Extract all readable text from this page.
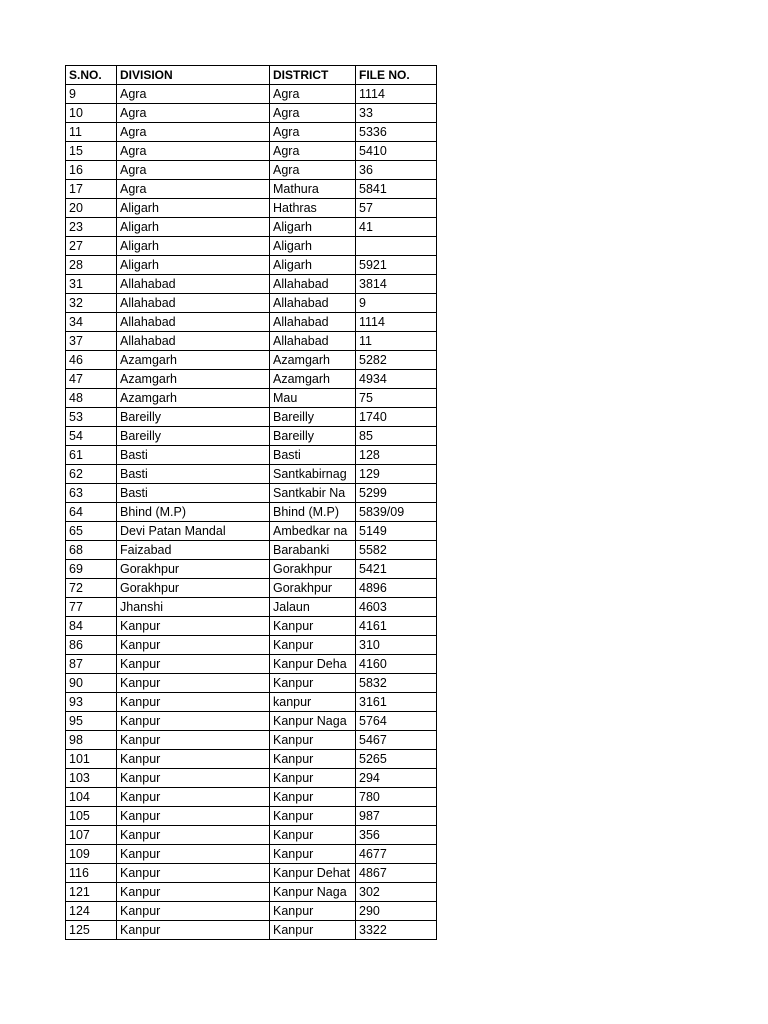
S.NO.	DIVISION	DISTRICT	FILE NO.
9	Agra	Agra	1114
10	Agra	Agra	33
11	Agra	Agra	5336
15	Agra	Agra	5410
16	Agra	Agra	36
17	Agra	Mathura	5841
20	Aligarh	Hathras	57
23	Aligarh	Aligarh	41
27	Aligarh	Aligarh	
28	Aligarh	Aligarh	5921
31	Allahabad	Allahabad	3814
32	Allahabad	Allahabad	9
34	Allahabad	Allahabad	1114
37	Allahabad	Allahabad	11
46	Azamgarh	Azamgarh	5282
47	Azamgarh	Azamgarh	4934
48	Azamgarh	Mau	75
53	Bareilly	Bareilly	1740
54	Bareilly	Bareilly	85
61	Basti	Basti	128
62	Basti	Santkabirnag	129
63	Basti	Santkabir Na	5299
64	Bhind (M.P)	Bhind (M.P)	5839/09
65	Devi Patan Mandal	Ambedkar na	5149
68	Faizabad	Barabanki	5582
69	Gorakhpur	Gorakhpur	5421
72	Gorakhpur	Gorakhpur	4896
77	Jhanshi	Jalaun	4603
84	Kanpur	Kanpur	4161
86	Kanpur	Kanpur	310
87	Kanpur	Kanpur Deha	4160
90	Kanpur	Kanpur	5832
93	Kanpur	kanpur	3161
95	Kanpur	Kanpur Naga	5764
98	Kanpur	Kanpur	5467
101	Kanpur	Kanpur	5265
103	Kanpur	Kanpur	294
104	Kanpur	Kanpur	780
105	Kanpur	Kanpur	987
107	Kanpur	Kanpur	356
109	Kanpur	Kanpur	4677
116	Kanpur	Kanpur Dehat	4867
121	Kanpur	Kanpur Naga	302
124	Kanpur	Kanpur	290
125	Kanpur	Kanpur	3322
